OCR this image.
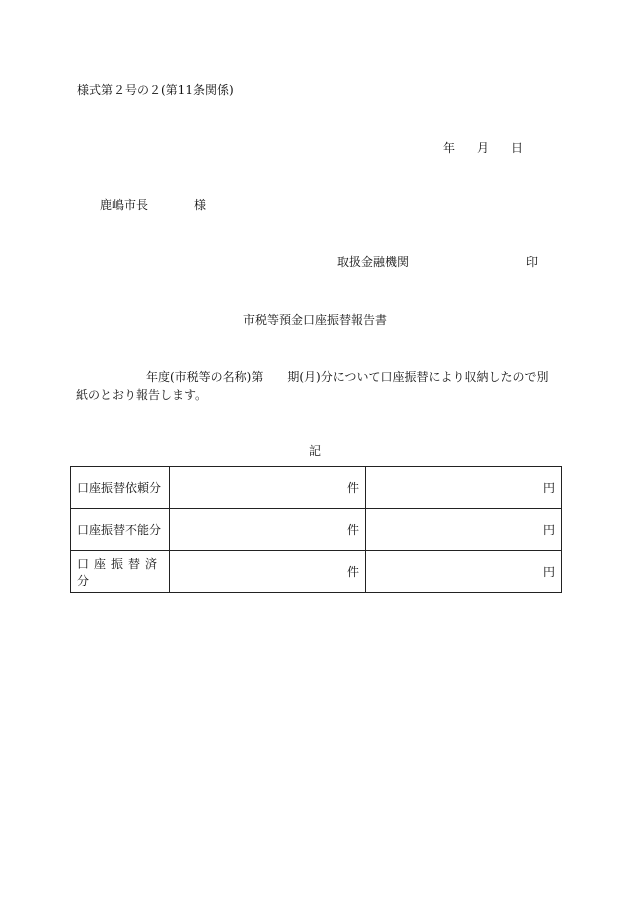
様式第２号の２(第11条関係)
年 月 日
鹿嶋市長	様
取扱金融機関	印
市税等預金口座振替報告書
年度(市税等の名称)第　　期(月)分について口座振替により収納したので別紙のとおり報告します。
記
口座振替依頼分	件	円
口座振替不能分	件	円
口座振替済分	件	円
